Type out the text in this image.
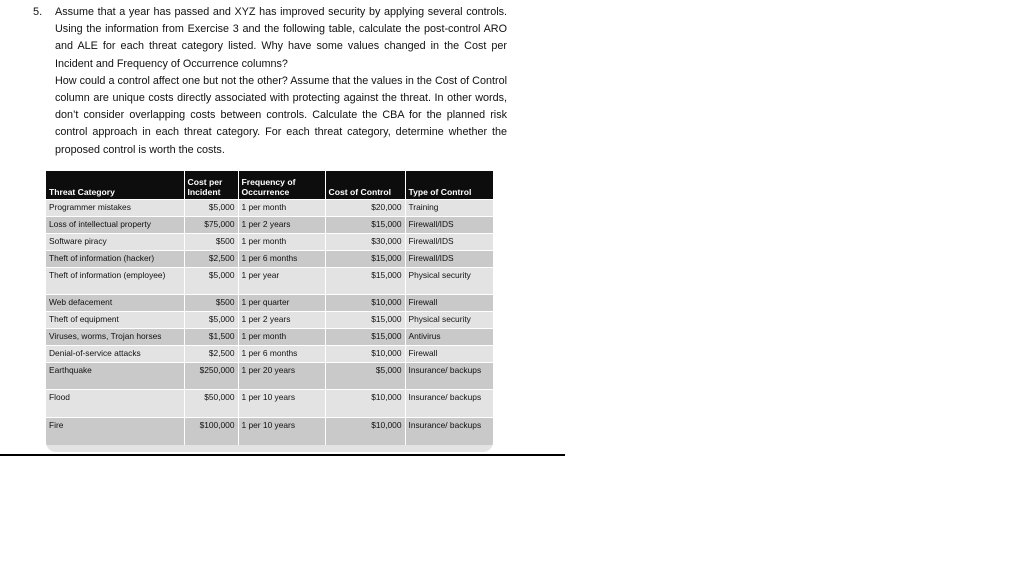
5. Assume that a year has passed and XYZ has improved security by applying several controls. Using the information from Exercise 3 and the following table, calculate the post-control ARO and ALE for each threat category listed. Why have some values changed in the Cost per Incident and Frequency of Occurrence columns?

How could a control affect one but not the other? Assume that the values in the Cost of Control column are unique costs directly associated with protecting against the threat. In other words, don’t consider overlapping costs between controls. Calculate the CBA for the planned risk control approach in each threat category. For each threat category, determine whether the proposed control is worth the costs.

Threat Category	Cost per Incident	Frequency of Occurrence	Cost of Control	Type of Control
Programmer mistakes	$5,000	1 per month	$20,000	Training
Loss of intellectual property	$75,000	1 per 2 years	$15,000	Firewall/IDS
Software piracy	$500	1 per month	$30,000	Firewall/IDS
Theft of information (hacker)	$2,500	1 per 6 months	$15,000	Firewall/IDS
Theft of information (employee)	$5,000	1 per year	$15,000	Physical security
Web defacement	$500	1 per quarter	$10,000	Firewall
Theft of equipment	$5,000	1 per 2 years	$15,000	Physical security
Viruses, worms, Trojan horses	$1,500	1 per month	$15,000	Antivirus
Denial-of-service attacks	$2,500	1 per 6 months	$10,000	Firewall
Earthquake	$250,000	1 per 20 years	$5,000	Insurance/ backups
Flood	$50,000	1 per 10 years	$10,000	Insurance/ backups
Fire	$100,000	1 per 10 years	$10,000	Insurance/ backups
